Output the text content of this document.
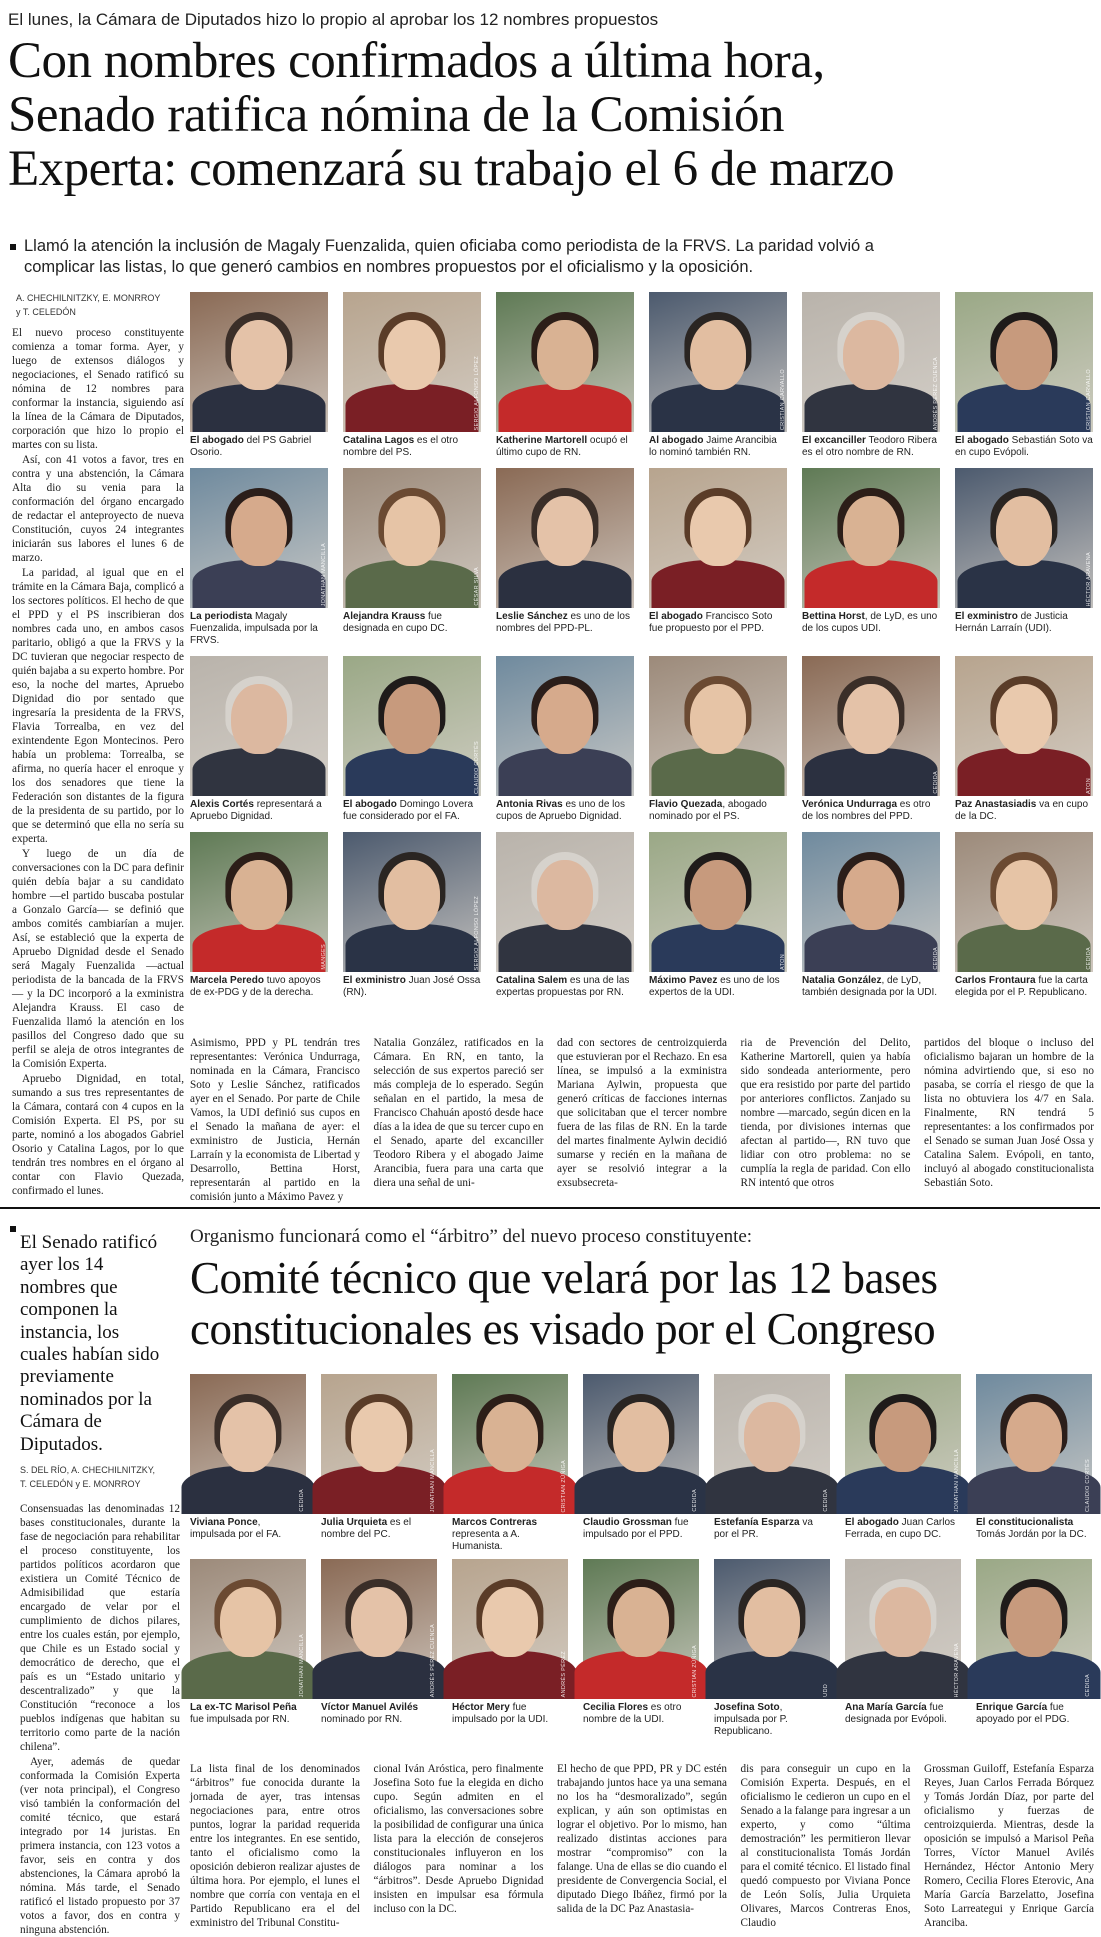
El lunes, la Cámara de Diputados hizo lo propio al aprobar los 12 nombres propuestos
Con nombres confirmados a última hora,
Senado ratifica nómina de la Comisión
Experta: comenzará su trabajo el 6 de marzo
Llamó la atención la inclusión de Magaly Fuenzalida, quien oficiaba como periodista de la FRVS. La paridad volvió a
complicar las listas, lo que generó cambios en nombres propuestos por el oficialismo y la oposición.
A. CHECHILNITZKY, E. MONRROY
y T. CELEDÓN

El nuevo proceso constituyente comienza a tomar forma. Ayer, y luego de extensos diálogos y negociaciones, el Senado ratificó su nómina de 12 nombres para conformar la instancia, siguiendo así la línea de la Cámara de Diputados, corporación que hizo lo propio el martes con su lista.

Así, con 41 votos a favor, tres en contra y una abstención, la Cámara Alta dio su venia para la conformación del órgano encargado de redactar el anteproyecto de nueva Constitución, cuyos 24 integrantes iniciarán sus labores el lunes 6 de marzo.

La paridad, al igual que en el trámite en la Cámara Baja, complicó a los sectores políticos. El hecho de que el PPD y el PS inscribieran dos nombres cada uno, en ambos casos paritario, obligó a que la FRVS y la DC tuvieran que negociar respecto de quién bajaba a su experto hombre. Por eso, la noche del martes, Apruebo Dignidad dio por sentado que ingresaría la presidenta de la FRVS, Flavia Torrealba, en vez del exintendente Egon Montecinos. Pero había un problema: Torrealba, se afirma, no quería hacer el enroque y los dos senadores que tiene la Federación son distantes de la figura de la presidenta de su partido, por lo que se determinó que ella no sería su experta.

Y luego de un día de conversaciones con la DC para definir quién debía bajar a su candidato hombre —el partido buscaba postular a Gonzalo García— se definió que ambos comités cambiarían a mujer. Así, se estableció que la experta de Apruebo Dignidad desde el Senado será Magaly Fuenzalida —actual periodista de la bancada de la FRVS— y la DC incorporó a la exministra Alejandra Krauss. El caso de Fuenzalida llamó la atención en los pasillos del Congreso dado que su perfil se aleja de otros integrantes de la Comisión Experta.

Apruebo Dignidad, en total, sumando a sus tres representantes de la Cámara, contará con 4 cupos en la Comisión Experta. El PS, por su parte, nominó a los abogados Gabriel Osorio y Catalina Lagos, por lo que tendrán tres nombres en el órgano al contar con Flavio Quezada, confirmado el lunes.

El abogado del PS Gabriel Osorio.
SERGIO ALFONSO LÓPEZ
Catalina Lagos es el otro nombre del PS.
Katherine Martorell ocupó el último cupo de RN.
CRISTIAN CARVALLO
Al abogado Jaime Arancibia lo nominó también RN.
ANDRÉS PÉREZ CUENCA
El excanciller Teodoro Ribera es el otro nombre de RN.
CRISTIAN CARVALLO
El abogado Sebastián Soto va en cupo Evópoli.
JONATHAN MANCILLA
La periodista Magaly Fuenzalida, impulsada por la FRVS.
CÉSAR SILVA
Alejandra Krauss fue designada en cupo DC.
Leslie Sánchez es uno de los nombres del PPD-PL.
El abogado Francisco Soto fue propuesto por el PPD.
Bettina Horst, de LyD, es uno de los cupos UDI.
HÉCTOR ARAVENA
El exministro de Justicia Hernán Larraín (UDI).
Alexis Cortés representará a Apruebo Dignidad.
CLAUDIO CORTÉS
El abogado Domingo Lovera fue considerado por el FA.
Antonia Rivas es uno de los cupos de Apruebo Dignidad.
Flavio Quezada, abogado nominado por el PS.
CEDIDA
Verónica Undurraga es otro de los nombres del PPD.
ATON
Paz Anastasiadis va en cupo de la DC.
MANGES
Marcela Peredo tuvo apoyos de ex-PDG y de la derecha.
SERGIO ALFONSO LÓPEZ
El exministro Juan José Ossa (RN).
Catalina Salem es una de las expertas propuestas por RN.
ATON
Máximo Pavez es uno de los expertos de la UDI.
CEDIDA
Natalia González, de LyD, también designada por la UDI.
CEDIDA
Carlos Frontaura fue la carta elegida por el P. Republicano.

Asimismo, PPD y PL tendrán tres representantes: Verónica Undurraga, nominada en la Cámara, Francisco Soto y Leslie Sánchez, ratificados ayer en el Senado. Por parte de Chile Vamos, la UDI definió sus cupos en el Senado la mañana de ayer: el exministro de Justicia, Hernán Larraín y la economista de Libertad y Desarrollo, Bettina Horst, representarán al partido en la comisión junto a Máximo Pavez y

Natalia González, ratificados en la Cámara. En RN, en tanto, la selección de sus expertos pareció ser más compleja de lo esperado. Según señalan en el partido, la mesa de Francisco Chahuán apostó desde hace días a la idea de que su tercer cupo en el Senado, aparte del excanciller Teodoro Ribera y el abogado Jaime Arancibia, fuera para una carta que diera una señal de uni-

dad con sectores de centroizquierda que estuvieran por el Rechazo. En esa línea, se impulsó a la exministra Mariana Aylwin, propuesta que generó críticas de facciones internas que solicitaban que el tercer nombre fuera de las filas de RN. En la tarde del martes finalmente Aylwin decidió sumarse y recién en la mañana de ayer se resolvió integrar a la exsubsecreta-

ria de Prevención del Delito, Katherine Martorell, quien ya había sido sondeada anteriormente, pero que era resistido por parte del partido por anteriores conflictos. Zanjado su nombre —marcado, según dicen en la tienda, por divisiones internas que afectan al partido—, RN tuvo que lidiar con otro problema: no se cumplía la regla de paridad. Con ello RN intentó que otros

partidos del bloque o incluso del oficialismo bajaran un hombre de la nómina advirtiendo que, si eso no pasaba, se corría el riesgo de que la lista no obtuviera los 4/7 en Sala. Finalmente, RN tendrá 5 representantes: a los confirmados por el Senado se suman Juan José Ossa y Catalina Salem. Evópoli, en tanto, incluyó al abogado constitucionalista Sebastián Soto.

El Senado ratificó ayer los 14 nombres que componen la instancia, los cuales habían sido previamente nominados por la Cámara de Diputados.
S. DEL RÍO, A. CHECHILNITZKY,
T. CELEDÓN y E. MONRROY

Consensuadas las denominadas 12 bases constitucionales, durante la fase de negociación para rehabilitar el proceso constituyente, los partidos políticos acordaron que existiera un Comité Técnico de Admisibilidad que estaría encargado de velar por el cumplimiento de dichos pilares, entre los cuales están, por ejemplo, que Chile es un Estado social y democrático de derecho, que el país es un “Estado unitario y descentralizado” y que la Constitución “reconoce a los pueblos indígenas que habitan su territorio como parte de la nación chilena”.

Ayer, además de quedar conformada la Comisión Experta (ver nota principal), el Congreso visó también la conformación del comité técnico, que estará integrado por 14 juristas. En primera instancia, con 123 votos a favor, seis en contra y dos abstenciones, la Cámara aprobó la nómina. Más tarde, el Senado ratificó el listado propuesto por 37 votos a favor, dos en contra y ninguna abstención.

Organismo funcionará como el “árbitro” del nuevo proceso constituyente:
Comité técnico que velará por las 12 bases
constitucionales es visado por el Congreso
CEDIDA
Viviana Ponce, impulsada por el FA.
JONATHAN MANCILLA
Julia Urquieta es el nombre del PC.
CRISTIAN ZÚÑIGA
Marcos Contreras representa a A. Humanista.
CEDIDA
Claudio Grossman fue impulsado por el PPD.
CEDIDA
Estefanía Esparza va por el PR.
JONATHAN MANCILLA
El abogado Juan Carlos Ferrada, en cupo DC.
CLAUDIO CORTÉS
El constitucionalista Tomás Jordán por la DC.
JONATHAN MANCILLA
La ex-TC Marisol Peña fue impulsada por RN.
ANDRÉS PÉREZ CUENCA
Víctor Manuel Avilés nominado por RN.
ANDRÉS PÉREZ
Héctor Mery fue impulsado por la UDI.
CRISTIAN ZÚÑIGA
Cecilia Flores es otro nombre de la UDI.
UDD
Josefina Soto, impulsada por P. Republicano.
HÉCTOR ARAVENA
Ana María García fue designada por Evópoli.
CEDIDA
Enrique García fue apoyado por el PDG.

La lista final de los denominados “árbitros” fue conocida durante la jornada de ayer, tras intensas negociaciones para, entre otros puntos, lograr la paridad requerida entre los integrantes. En ese sentido, tanto el oficialismo como la oposición debieron realizar ajustes de última hora. Por ejemplo, el lunes el nombre que corría con ventaja en el Partido Republicano era el del exministro del Tribunal Constitu-

cional Iván Aróstica, pero finalmente Josefina Soto fue la elegida en dicho cupo. Según admiten en el oficialismo, las conversaciones sobre la posibilidad de configurar una única lista para la elección de consejeros constitucionales influyeron en los diálogos para nominar a los “árbitros”. Desde Apruebo Dignidad insisten en impulsar esa fórmula incluso con la DC.

El hecho de que PPD, PR y DC estén trabajando juntos hace ya una semana no los ha “desmoralizado”, según explican, y aún son optimistas en lograr el objetivo. Por lo mismo, han realizado distintas acciones para mostrar “compromiso” con la falange. Una de ellas se dio cuando el presidente de Convergencia Social, el diputado Diego Ibáñez, firmó por la salida de la DC Paz Anastasia-

dis para conseguir un cupo en la Comisión Experta. Después, en el oficialismo le cedieron un cupo en el Senado a la falange para ingresar a un experto, y como “última demostración” les permitieron llevar al constitucionalista Tomás Jordán para el comité técnico. El listado final quedó compuesto por Viviana Ponce de León Solís, Julia Urquieta Olivares, Marcos Contreras Enos, Claudio

Grossman Guiloff, Estefanía Esparza Reyes, Juan Carlos Ferrada Bórquez y Tomás Jordán Díaz, por parte del oficialismo y fuerzas de centroizquierda. Mientras, desde la oposición se impulsó a Marisol Peña Torres, Víctor Manuel Avilés Hernández, Héctor Antonio Mery Romero, Cecilia Flores Eterovic, Ana María García Barzelatto, Josefina Soto Larreategui y Enrique García Aranciba.
